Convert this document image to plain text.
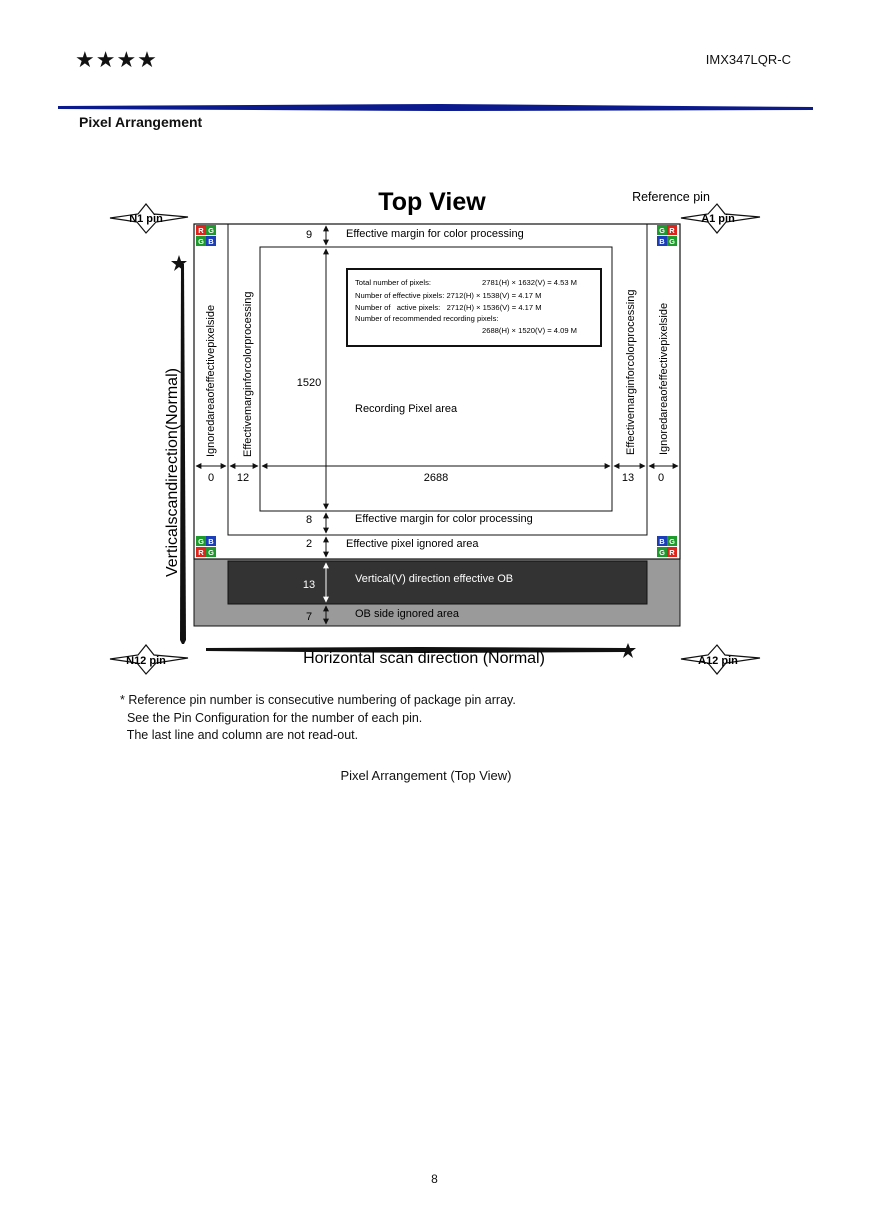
★★★★	IMX347LQR-C
Pixel Arrangement
Top View	Reference pin
N1 pin	A1 pin
N12 pin	A12 pin
R G
G B
G R
B G
G B
R G
B G
G R
Total number of pixels:	2781(H) × 1632(V) = 4.53 M
Number of effective pixels: 2712(H) × 1538(V) = 4.17 M
Number of   active pixels:   2712(H) × 1536(V) = 4.17 M
Number of recommended recording pixels:
2688(H) × 1520(V) = 4.09 M
9
1520
0 12	2688	13 0
8
2
13
7
Effective margin for color processing
Recording Pixel area
Effective margin for color processing
Effective pixel ignored area
Vertical(V) direction effective OB
OB side ignored area
Ignoredareaofeffectivepixelside Effectivemarginforcolorprocessing	Effectivemarginforcolorprocessing Ignoredareaofeffectivepixelside
Verticalscandirection(Normal)
Horizontal scan direction (Normal)
* Reference pin number is consecutive numbering of package pin array.
See the Pin Configuration for the number of each pin.
The last line and column are not read-out.
Pixel Arrangement (Top View)
8
